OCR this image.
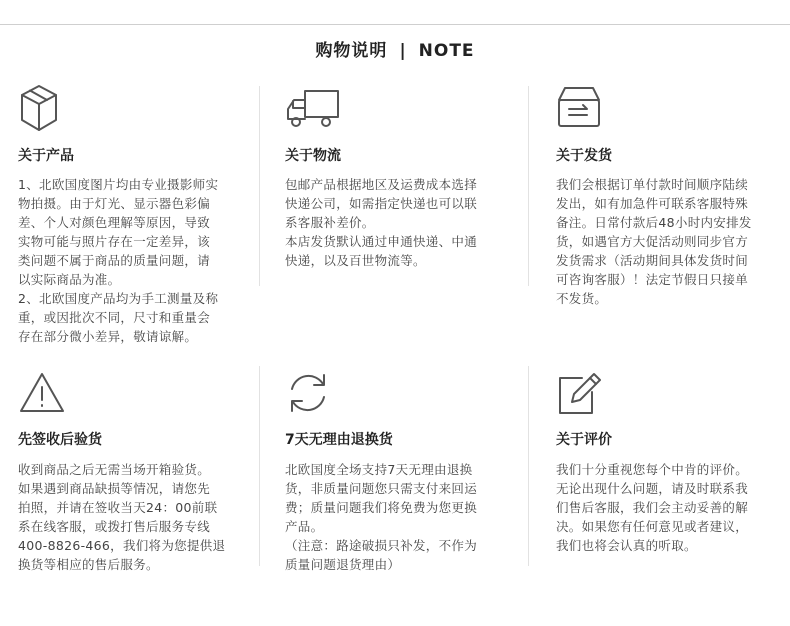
购物说明 | NOTE
关于产品

1、北欧国度图片均由专业摄影师实
物拍摄。由于灯光、显示器色彩偏
差、个人对颜色理解等原因，导致
实物可能与照片存在一定差异，该
类问题不属于商品的质量问题，请
以实际商品为准。
2、北欧国度产品均为手工测量及称
重，或因批次不同，尺寸和重量会
存在部分微小差异，敬请谅解。

关于物流

包邮产品根据地区及运费成本选择
快递公司，如需指定快递也可以联
系客服补差价。
本店发货默认通过申通快递、中通
快递，以及百世物流等。

关于发货

我们会根据订单付款时间顺序陆续
发出，如有加急件可联系客服特殊
备注。日常付款后48小时内安排发
货，如遇官方大促活动则同步官方
发货需求（活动期间具体发货时间
可咨询客服）！法定节假日只接单
不发货。

先签收后验货

收到商品之后无需当场开箱验货。
如果遇到商品缺损等情况，请您先
拍照，并请在签收当天24：00前联
系在线客服，或拨打售后服务专线
400-8826-466，我们将为您提供退
换货等相应的售后服务。

7天无理由退换货

北欧国度全场支持7天无理由退换
货，非质量问题您只需支付来回运
费；质量问题我们将免费为您更换
产品。
（注意：路途破损只补发，不作为
质量问题退货理由）

关于评价

我们十分重视您每个中肯的评价。
无论出现什么问题，请及时联系我
们售后客服，我们会主动妥善的解
决。如果您有任何意见或者建议，
我们也将会认真的听取。
